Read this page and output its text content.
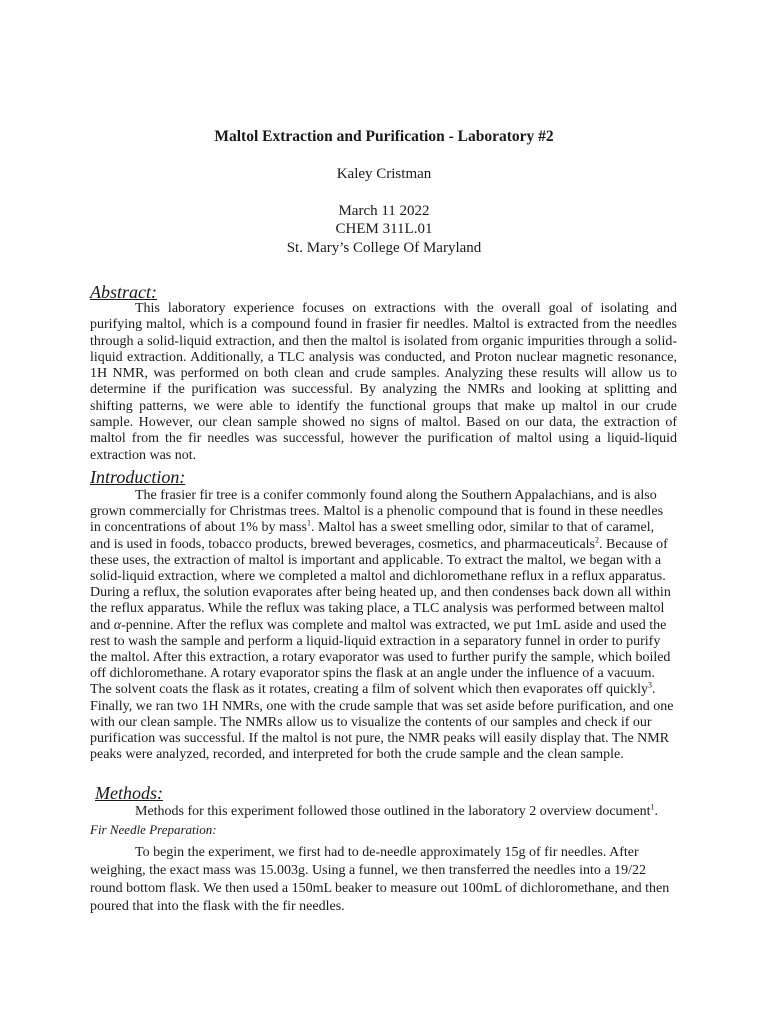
Maltol Extraction and Purification - Laboratory #2
Kaley Cristman
March 11 2022
CHEM 311L.01
St. Mary’s College Of Maryland
Abstract:
This laboratory experience focuses on extractions with the overall goal of isolating and purifying maltol, which is a compound found in frasier fir needles. Maltol is extracted from the needles through a solid-liquid extraction, and then the maltol is isolated from organic impurities through a solid-liquid extraction. Additionally, a TLC analysis was conducted, and Proton nuclear magnetic resonance, 1H NMR, was performed on both clean and crude samples. Analyzing these results will allow us to determine if the purification was successful. By analyzing the NMRs and looking at splitting and shifting patterns, we were able to identify the functional groups that make up maltol in our crude sample. However, our clean sample showed no signs of maltol. Based on our data, the extraction of maltol from the fir needles was successful, however the purification of maltol using a liquid-liquid extraction was not.
Introduction:
The frasier fir tree is a conifer commonly found along the Southern Appalachians, and is also grown commercially for Christmas trees. Maltol is a phenolic compound that is found in these needles in concentrations of about 1% by mass$^1$. Maltol has a sweet smelling odor, similar to that of caramel, and is used in foods, tobacco products, brewed beverages, cosmetics, and pharmaceuticals$^2$. Because of these uses, the extraction of maltol is important and applicable. To extract the maltol, we began with a solid-liquid extraction, where we completed a maltol and dichloromethane reflux in a reflux apparatus. During a reflux, the solution evaporates after being heated up, and then condenses back down all within the reflux apparatus. While the reflux was taking place, a TLC analysis was performed between maltol and α-pennine. After the reflux was complete and maltol was extracted, we put 1mL aside and used the rest to wash the sample and perform a liquid-liquid extraction in a separatory funnel in order to purify the maltol. After this extraction, a rotary evaporator was used to further purify the sample, which boiled off dichloromethane. A rotary evaporator spins the flask at an angle under the influence of a vacuum. The solvent coats the flask as it rotates, creating a film of solvent which then evaporates off quickly$^3$. Finally, we ran two 1H NMRs, one with the crude sample that was set aside before purification, and one with our clean sample. The NMRs allow us to visualize the contents of our samples and check if our purification was successful. If the maltol is not pure, the NMR peaks will easily display that. The NMR peaks were analyzed, recorded, and interpreted for both the crude sample and the clean sample.
Methods:
Methods for this experiment followed those outlined in the laboratory 2 overview document$^1$.
Fir Needle Preparation:
To begin the experiment, we first had to de-needle approximately 15g of fir needles. After weighing, the exact mass was 15.003g. Using a funnel, we then transferred the needles into a 19/22 round bottom flask. We then used a 150mL beaker to measure out 100mL of dichloromethane, and then poured that into the flask with the fir needles.
